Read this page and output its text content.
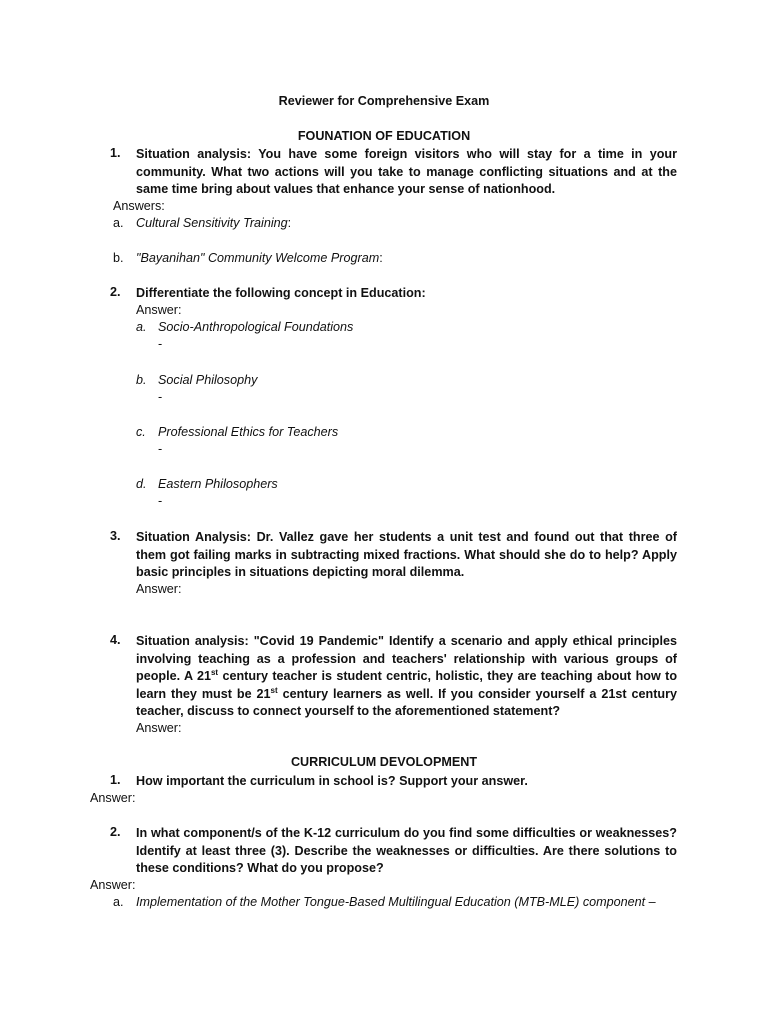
Reviewer for Comprehensive Exam
FOUNATION OF EDUCATION
1. Situation analysis: You have some foreign visitors who will stay for a time in your community. What two actions will you take to manage conflicting situations and at the same time bring about values that enhance your sense of nationhood.
Answers:
a. Cultural Sensitivity Training:
b. "Bayanihan" Community Welcome Program:
2. Differentiate the following concept in Education:
Answer:
a. Socio-Anthropological Foundations
-
b. Social Philosophy
-
c. Professional Ethics for Teachers
-
d. Eastern Philosophers
-
3. Situation Analysis: Dr. Vallez gave her students a unit test and found out that three of them got failing marks in subtracting mixed fractions. What should she do to help? Apply basic principles in situations depicting moral dilemma.
Answer:
4. Situation analysis: "Covid 19 Pandemic" Identify a scenario and apply ethical principles involving teaching as a profession and teachers' relationship with various groups of people. A 21st century teacher is student centric, holistic, they are teaching about how to learn they must be 21st century learners as well. If you consider yourself a 21st century teacher, discuss to connect yourself to the aforementioned statement?
Answer:
CURRICULUM DEVOLOPMENT
1. How important the curriculum in school is? Support your answer.
Answer:
2. In what component/s of the K-12 curriculum do you find some difficulties or weaknesses? Identify at least three (3). Describe the weaknesses or difficulties. Are there solutions to these conditions? What do you propose?
Answer:
a. Implementation of the Mother Tongue-Based Multilingual Education (MTB-MLE) component –
